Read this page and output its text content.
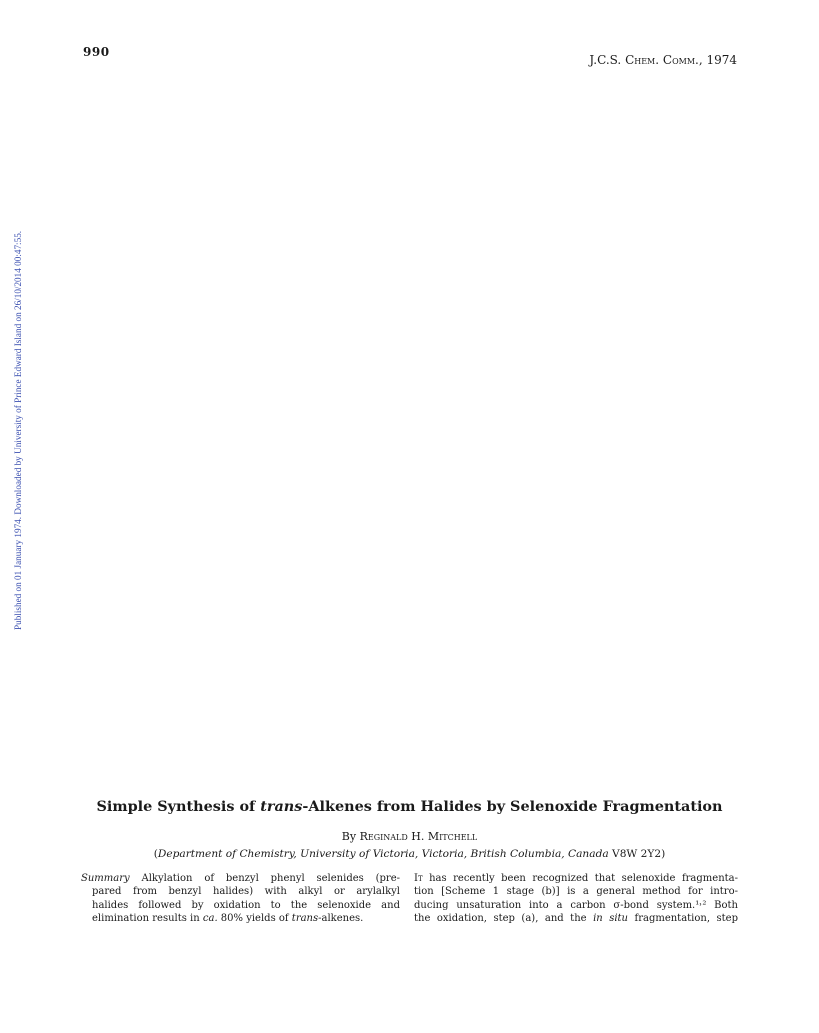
990
J.C.S. Chem. Comm., 1974
Published on 01 January 1974. Downloaded by University of Prince Edward Island on 26/10/2014 00:47:55.
Simple Synthesis of trans-Alkenes from Halides by Selenoxide Fragmentation
By Reginald H. Mitchell
(Department of Chemistry, University of Victoria, Victoria, British Columbia, Canada V8W 2Y2)
Summary Alkylation of benzyl phenyl selenides (pre-
pared from benzyl halides) with alkyl or arylalkyl
halides followed by oxidation to the selenoxide and
elimination results in ca. 80% yields of trans-alkenes.
It has recently been recognized that selenoxide fragmenta-
tion [Scheme 1 stage (b)] is a general method for intro-
ducing unsaturation into a carbon σ-bond system.¹˒² Both
the oxidation, step (a), and the in situ fragmentation, step
